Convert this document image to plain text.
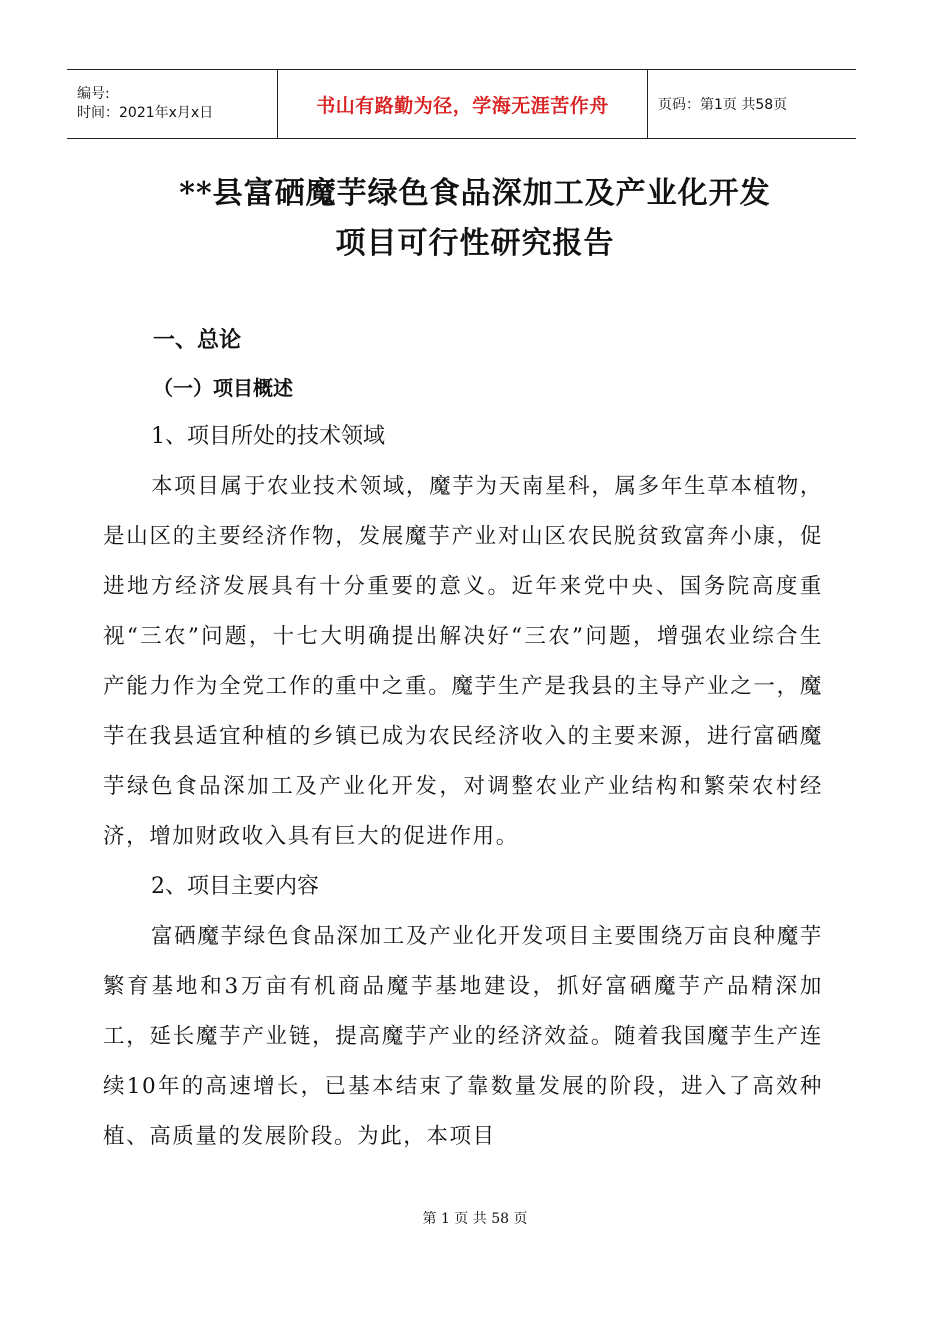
编号:
时间：2021年x月x日	书山有路勤为径，学海无涯苦作舟	页码：第1页 共58页
**县富硒魔芋绿色食品深加工及产业化开发
项目可行性研究报告
一、总论
（一）项目概述
1、项目所处的技术领域

本项目属于农业技术领域，魔芋为天南星科，属多年生草本植物，是山区的主要经济作物，发展魔芋产业对山区农民脱贫致富奔小康，促进地方经济发展具有十分重要的意义。近年来党中央、国务院高度重视“三农”问题，十七大明确提出解决好“三农”问题，增强农业综合生产能力作为全党工作的重中之重。魔芋生产是我县的主导产业之一，魔芋在我县适宜种植的乡镇已成为农民经济收入的主要来源，进行富硒魔芋绿色食品深加工及产业化开发，对调整农业产业结构和繁荣农村经济，增加财政收入具有巨大的促进作用。

2、项目主要内容

富硒魔芋绿色食品深加工及产业化开发项目主要围绕万亩良种魔芋繁育基地和3万亩有机商品魔芋基地建设，抓好富硒魔芋产品精深加工，延长魔芋产业链，提高魔芋产业的经济效益。随着我国魔芋生产连续10年的高速增长，已基本结束了靠数量发展的阶段，进入了高效种植、高质量的发展阶段。为此，本项目

第 1 页 共 58 页
